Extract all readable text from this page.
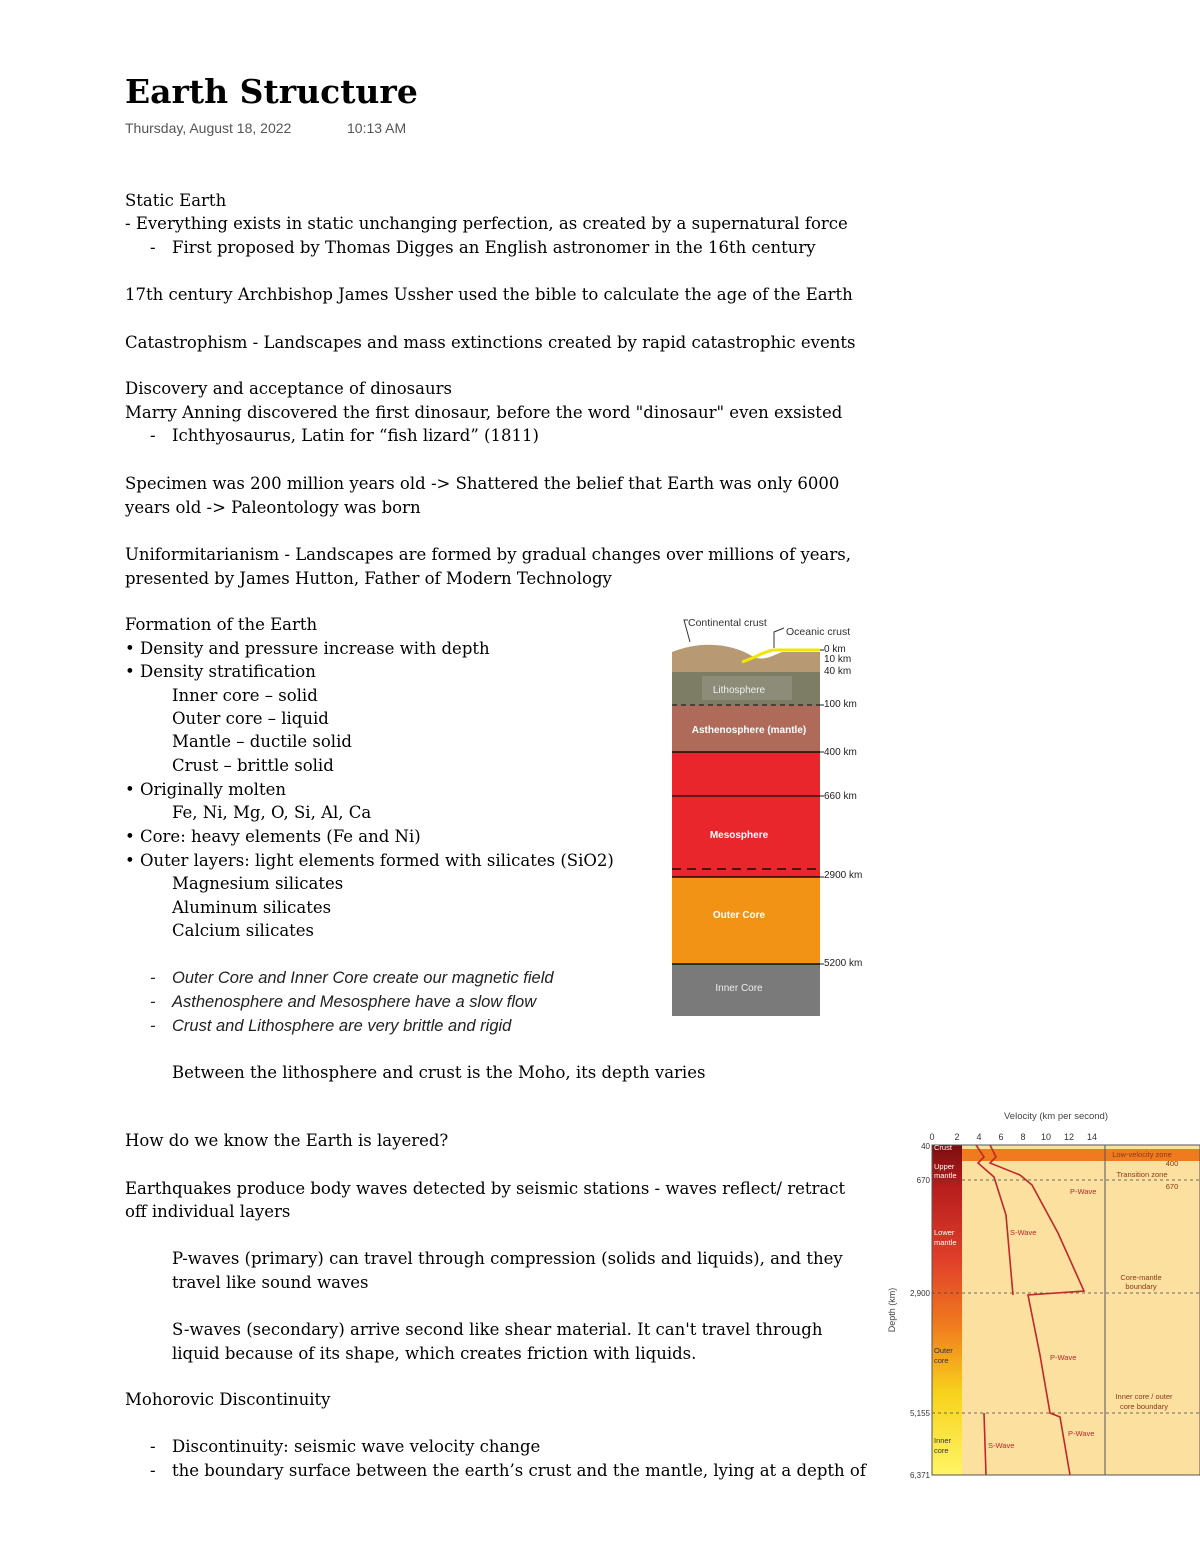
Earth Structure
Thursday, August 18, 2022	10:13 AM
Static Earth
- Everything exists in static unchanging perfection, as created by a supernatural force
- First proposed by Thomas Digges an English astronomer in the 16th century
17th century Archbishop James Ussher used the bible to calculate the age of the Earth
Catastrophism - Landscapes and mass extinctions created by rapid catastrophic events
Discovery and acceptance of dinosaurs
Marry Anning discovered the first dinosaur, before the word "dinosaur" even exsisted
- Ichthyosaurus, Latin for “fish lizard” (1811)
Specimen was 200 million years old -> Shattered the belief that Earth was only 6000
years old -> Paleontology was born
Uniformitarianism - Landscapes are formed by gradual changes over millions of years,
presented by James Hutton, Father of Modern Technology
Formation of the Earth
• Density and pressure increase with depth
• Density stratification
Inner core – solid
Outer core – liquid
Mantle – ductile solid
Crust – brittle solid
• Originally molten
Fe, Ni, Mg, O, Si, Al, Ca
• Core: heavy elements (Fe and Ni)
• Outer layers: light elements formed with silicates (SiO2)
Magnesium silicates
Aluminum silicates
Calcium silicates
- Outer Core and Inner Core create our magnetic field
- Asthenosphere and Mesosphere have a slow flow
- Crust and Lithosphere are very brittle and rigid
Between the lithosphere and crust is the Moho, its depth varies
0 km
10 km
40 km
100 km
400 km
660 km
2900 km
5200 km
Continental crust
Oceanic crust
Lithosphere
Asthenosphere (mantle)
Mesosphere
Outer Core
Inner Core
How do we know the Earth is layered?
Earthquakes produce body waves detected by seismic stations - waves reflect/ retract
off individual layers
P-waves (primary) can travel through compression (solids and liquids), and they
travel like sound waves
S-waves (secondary) arrive second like shear material. It can't travel through
liquid because of its shape, which creates friction with liquids.
Mohorovic Discontinuity
- Discontinuity: seismic wave velocity change
- the boundary surface between the earth’s crust and the mantle, lying at a depth of
Velocity (km per second)
0 2 4 6 8 10 12 14
40
670
2,900
5,155
6,371
Depth (km)
Crust
Upper
mantle
Lower
mantle
Outer
core
Inner
core
S-Wave
P-Wave
P-Wave
P-Wave
S-Wave
Low-velocity zone
400
Transition zone
670
Core-mantle
boundary
Inner core / outer
core boundary
